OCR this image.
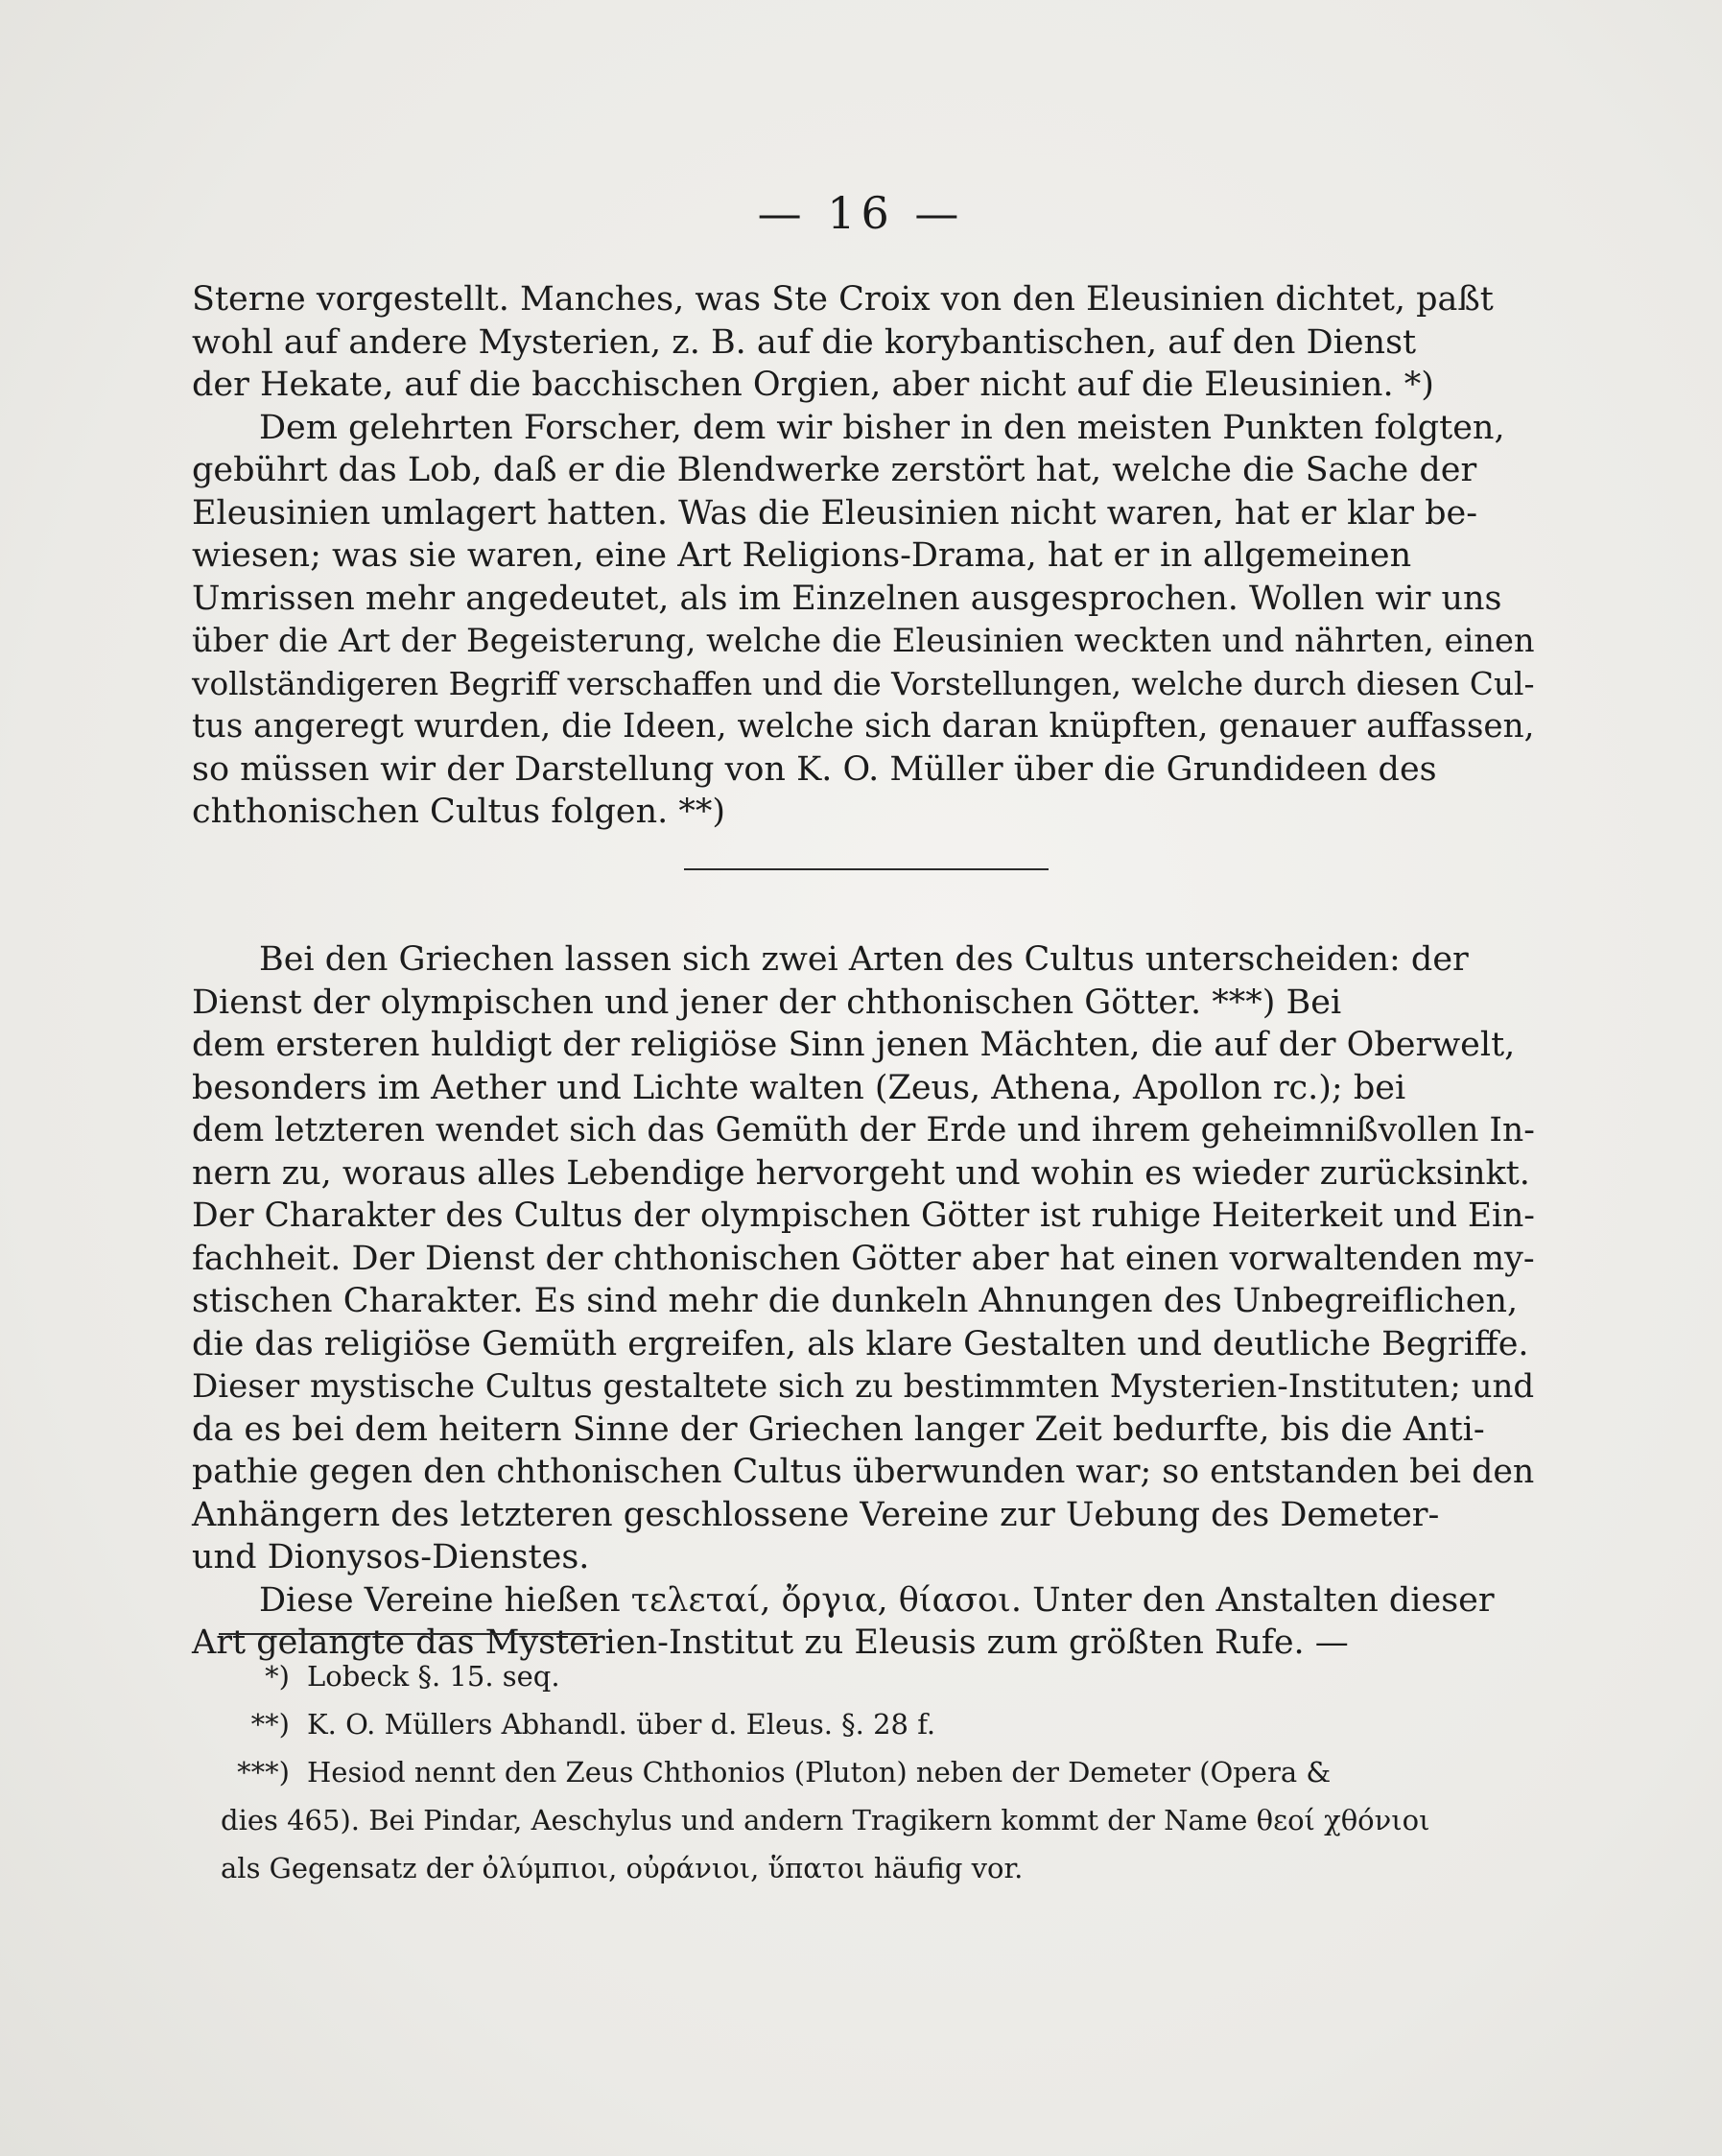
— 16 —

Sterne vorgestellt. Manches, was Ste Croix von den Eleusinien dichtet, paßt

wohl auf andere Mysterien, z. B. auf die korybantischen, auf den Dienst

der Hekate, auf die bacchischen Orgien, aber nicht auf die Eleusinien. *)

Dem gelehrten Forscher, dem wir bisher in den meisten Punkten folgten,

gebührt das Lob, daß er die Blendwerke zerstört hat, welche die Sache der

Eleusinien umlagert hatten. Was die Eleusinien nicht waren, hat er klar be-

wiesen; was sie waren, eine Art Religions-Drama, hat er in allgemeinen

Umrissen mehr angedeutet, als im Einzelnen ausgesprochen. Wollen wir uns

über die Art der Begeisterung, welche die Eleusinien weckten und nährten, einen

vollständigeren Begriff verschaffen und die Vorstellungen, welche durch diesen Cul-

tus angeregt wurden, die Ideen, welche sich daran knüpften, genauer auffassen,

so müssen wir der Darstellung von K. O. Müller über die Grundideen des

chthonischen Cultus folgen. **)

Bei den Griechen lassen sich zwei Arten des Cultus unterscheiden: der

Dienst der olympischen und jener der chthonischen Götter. ***) Bei

dem ersteren huldigt der religiöse Sinn jenen Mächten, die auf der Oberwelt,

besonders im Aether und Lichte walten (Zeus, Athena, Apollon rc.); bei

dem letzteren wendet sich das Gemüth der Erde und ihrem geheimnißvollen In-

nern zu, woraus alles Lebendige hervorgeht und wohin es wieder zurücksinkt.

Der Charakter des Cultus der olympischen Götter ist ruhige Heiterkeit und Ein-

fachheit. Der Dienst der chthonischen Götter aber hat einen vorwaltenden my-

stischen Charakter. Es sind mehr die dunkeln Ahnungen des Unbegreiflichen,

die das religiöse Gemüth ergreifen, als klare Gestalten und deutliche Begriffe.

Dieser mystische Cultus gestaltete sich zu bestimmten Mysterien-Instituten; und

da es bei dem heitern Sinne der Griechen langer Zeit bedurfte, bis die Anti-

pathie gegen den chthonischen Cultus überwunden war; so entstanden bei den

Anhängern des letzteren geschlossene Vereine zur Uebung des Demeter-

und Dionysos-Dienstes.

Diese Vereine hießen τελεταί, ὄργια, θίασοι. Unter den Anstalten dieser

Art gelangte das Mysterien-Institut zu Eleusis zum größten Rufe. —

*) Lobeck §. 15. seq.

**) K. O. Müllers Abhandl. über d. Eleus. §. 28 f.

***) Hesiod nennt den Zeus Chthonios (Pluton) neben der Demeter (Opera &

dies 465). Bei Pindar, Aeschylus und andern Tragikern kommt der Name θεοί χθόνιοι

als Gegensatz der ὀλύμπιοι, οὐράνιοι, ὕπατοι häufig vor.
